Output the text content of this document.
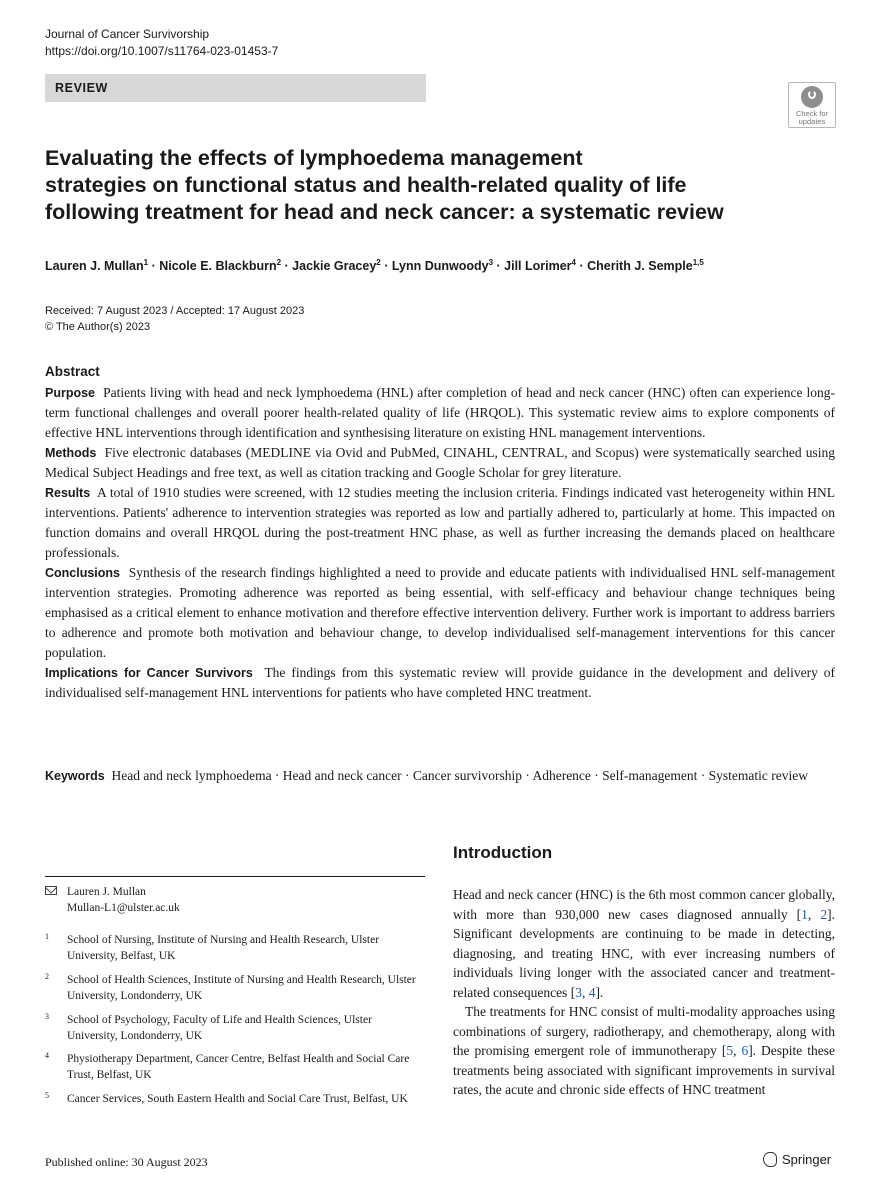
Journal of Cancer Survivorship
https://doi.org/10.1007/s11764-023-01453-7
REVIEW
Check for
updates
Evaluating the effects of lymphoedema management
strategies on functional status and health-related quality of life
following treatment for head and neck cancer: a systematic review
Lauren J. Mullan$^1$ · Nicole E. Blackburn$^2$ · Jackie Gracey$^2$ · Lynn Dunwoody$^3$ · Jill Lorimer$^4$ · Cherith J. Semple$^{1,5}$
Received: 7 August 2023 / Accepted: 17 August 2023
© The Author(s) 2023
Abstract

Purpose Patients living with head and neck lymphoedema (HNL) after completion of head and neck cancer (HNC) often can experience long-term functional challenges and overall poorer health-related quality of life (HRQOL). This systematic review aims to explore components of effective HNL interventions through identification and synthesising literature on existing HNL management interventions.

Methods Five electronic databases (MEDLINE via Ovid and PubMed, CINAHL, CENTRAL, and Scopus) were systematically searched using Medical Subject Headings and free text, as well as citation tracking and Google Scholar for grey literature.

Results A total of 1910 studies were screened, with 12 studies meeting the inclusion criteria. Findings indicated vast heterogeneity within HNL interventions. Patients' adherence to intervention strategies was reported as low and partially adhered to, particularly at home. This impacted on function domains and overall HRQOL during the post-treatment HNC phase, as well as further increasing the demands placed on healthcare professionals.

Conclusions Synthesis of the research findings highlighted a need to provide and educate patients with individualised HNL self-management intervention strategies. Promoting adherence was reported as being essential, with self-efficacy and behaviour change techniques being emphasised as a critical element to enhance motivation and therefore effective intervention delivery. Further work is important to address barriers to adherence and promote both motivation and behaviour change, to develop individualised self-management interventions for this cancer population.

Implications for Cancer Survivors The findings from this systematic review will provide guidance in the development and delivery of individualised self-management HNL interventions for patients who have completed HNC treatment.

Keywords Head and neck lymphoedema · Head and neck cancer · Cancer survivorship · Adherence · Self-management · Systematic review
Lauren J. Mullan
Mullan-L1@ulster.ac.uk
1 School of Nursing, Institute of Nursing and Health Research, Ulster University, Belfast, UK
2 School of Health Sciences, Institute of Nursing and Health Research, Ulster University, Londonderry, UK
3 School of Psychology, Faculty of Life and Health Sciences, Ulster University, Londonderry, UK
4 Physiotherapy Department, Cancer Centre, Belfast Health and Social Care Trust, Belfast, UK
5 Cancer Services, South Eastern Health and Social Care Trust, Belfast, UK
Introduction

Head and neck cancer (HNC) is the 6th most common cancer globally, with more than 930,000 new cases diagnosed annually [1, 2]. Significant developments are continuing to be made in detecting, diagnosing, and treating HNC, with ever increasing numbers of individuals living longer with the associated cancer and treatment-related consequences [3, 4].

The treatments for HNC consist of multi-modality approaches using combinations of surgery, radiotherapy, and chemotherapy, along with the promising emergent role of immunotherapy [5, 6]. Despite these treatments being associated with significant improvements in survival rates, the acute and chronic side effects of HNC treatment

Published online: 30 August 2023	Springer
